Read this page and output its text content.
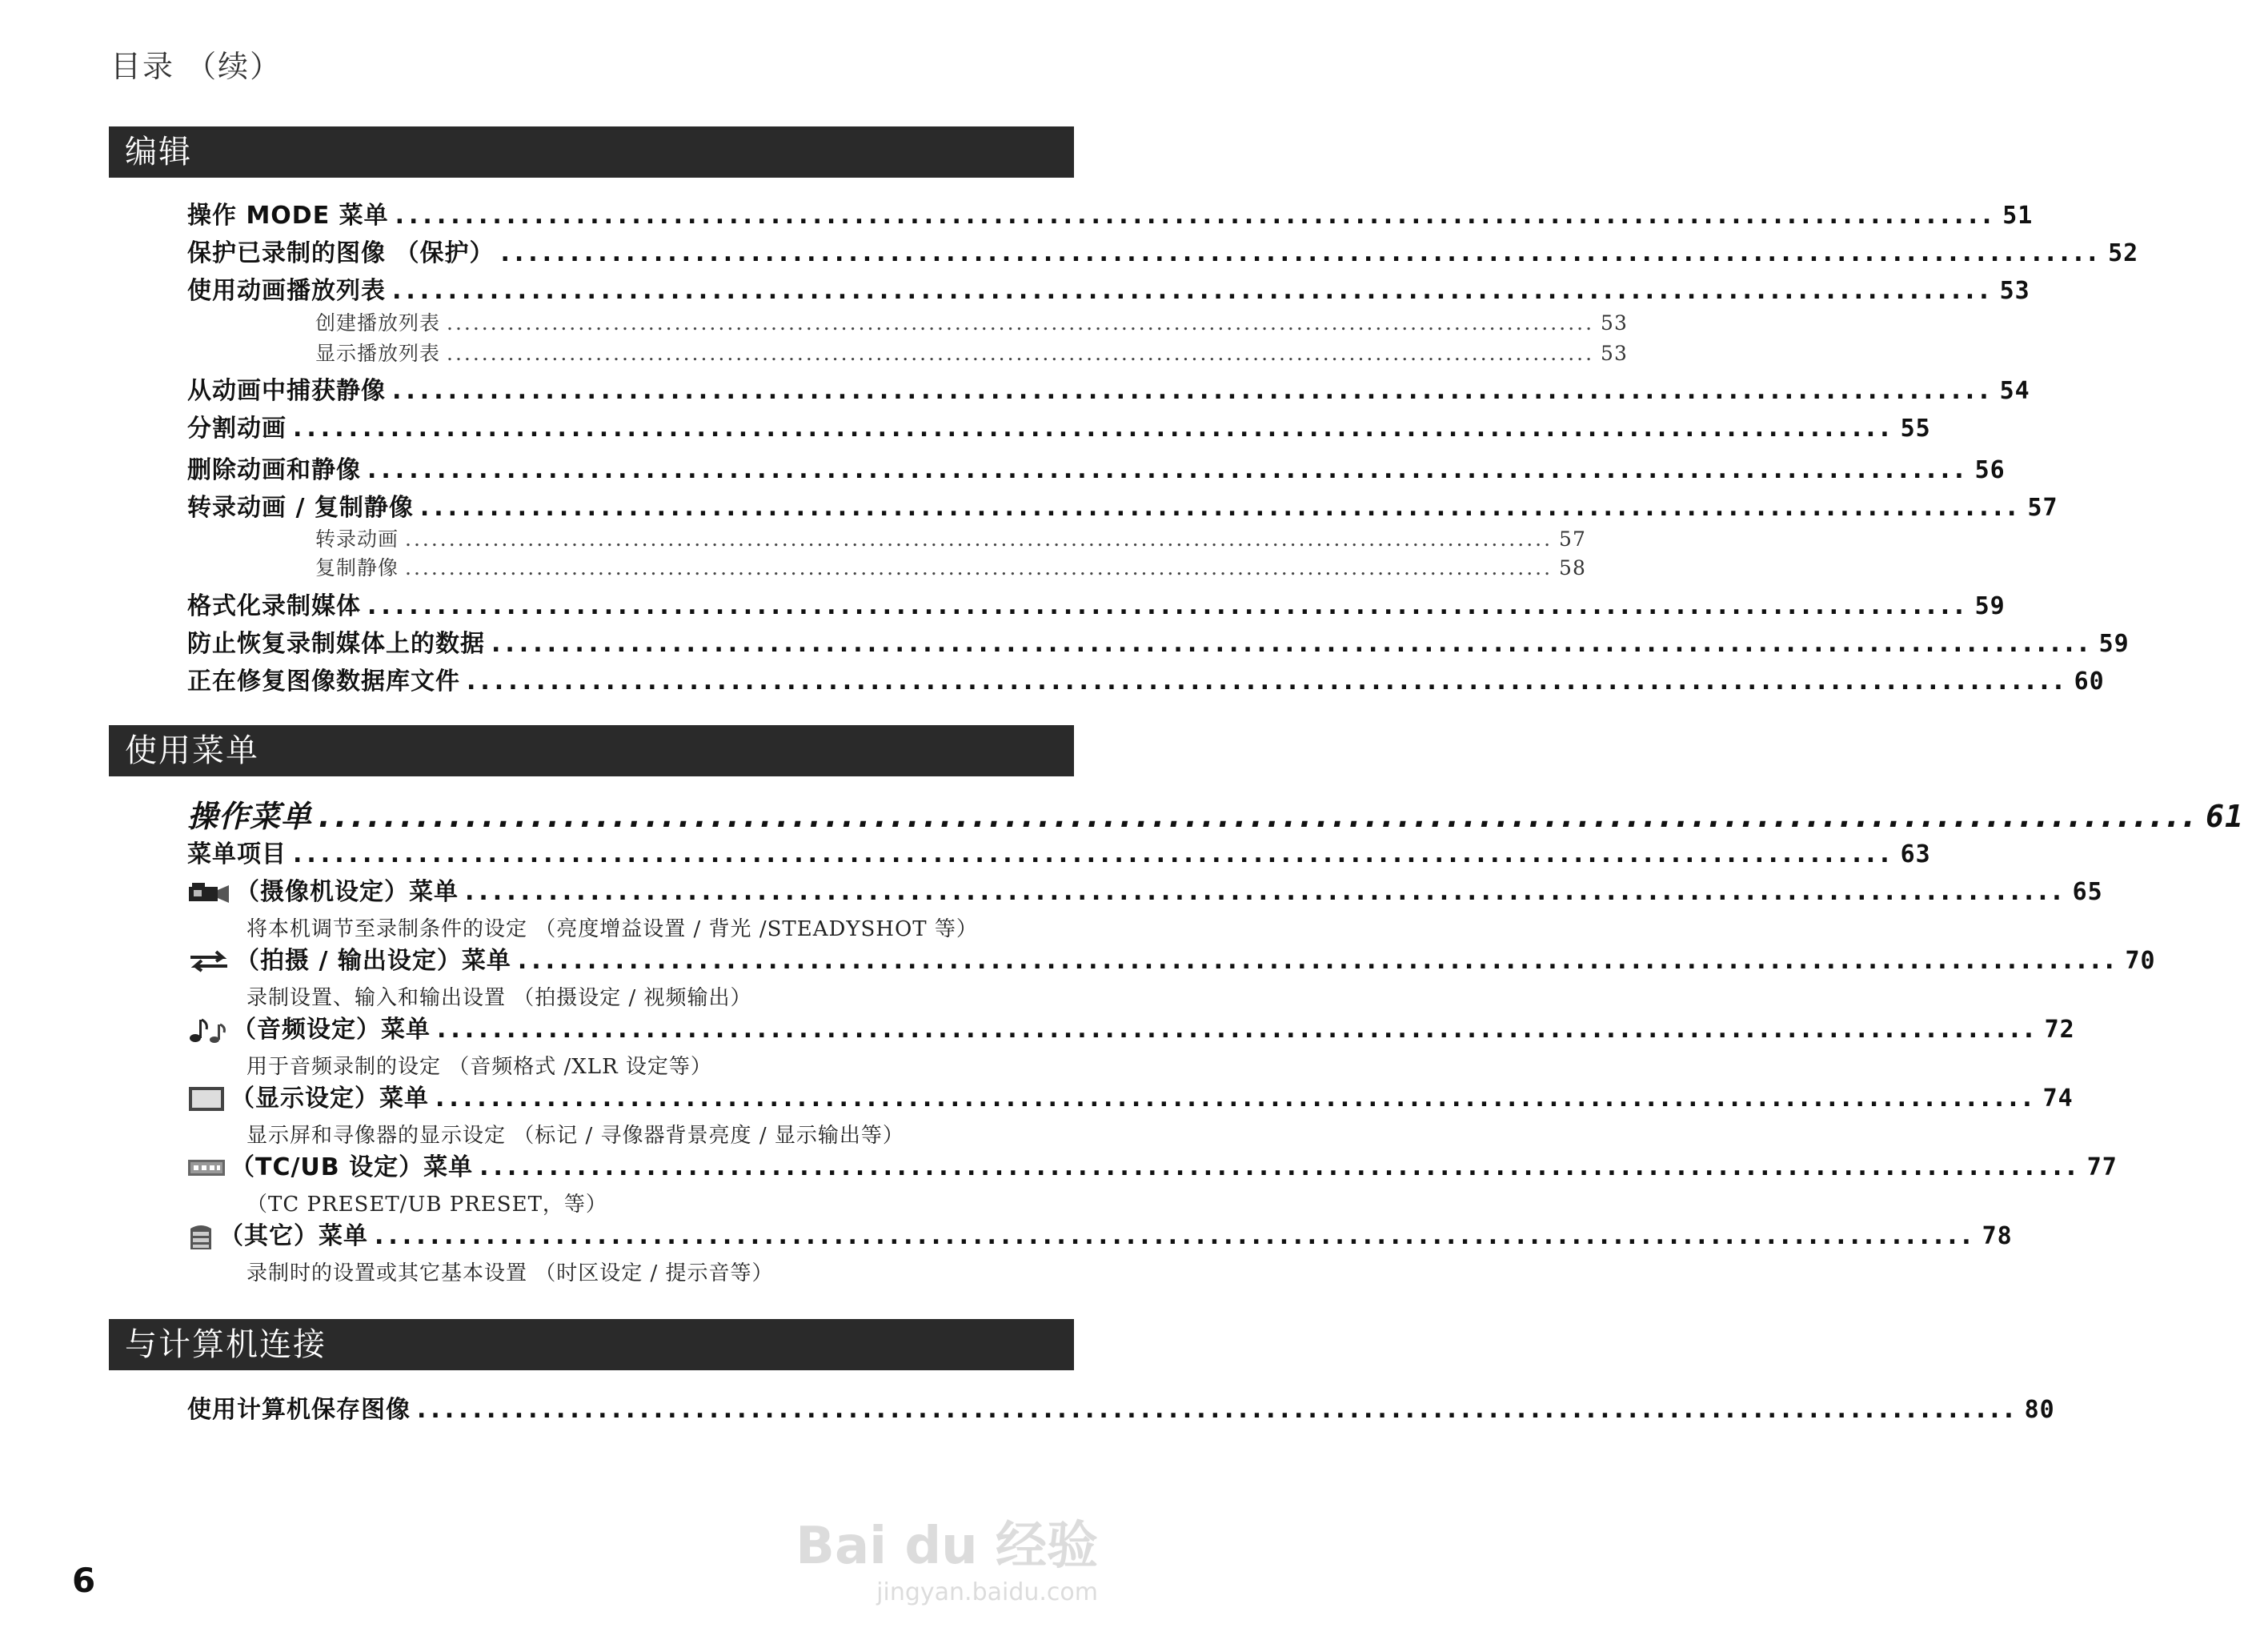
目录 （续）
编辑
操作 MODE 菜单 ................................................................................................................... 51
保护已录制的图像 （保护） ................................................................................................................... 52
使用动画播放列表 ................................................................................................................... 53
创建播放列表 ................................................................................................................................... 53
显示播放列表 ................................................................................................................................... 53
从动画中捕获静像 ................................................................................................................... 54
分割动画 ................................................................................................................... 55
删除动画和静像 ................................................................................................................... 56
转录动画 / 复制静像 ................................................................................................................... 57
转录动画 ................................................................................................................................... 57
复制静像 ................................................................................................................................... 58
格式化录制媒体 ................................................................................................................... 59
防止恢复录制媒体上的数据 ................................................................................................................... 59
正在修复图像数据库文件 ................................................................................................................... 60
使用菜单
操作菜单 ................................................................................................................... 61
菜单项目 ................................................................................................................... 63
（摄像机设定）菜单 ................................................................................................................... 65
将本机调节至录制条件的设定 （亮度增益设置 / 背光 /STEADYSHOT 等）
（拍摄 / 输出设定）菜单 ................................................................................................................... 70
录制设置、输入和输出设置 （拍摄设定 / 视频输出）
（音频设定）菜单 ................................................................................................................... 72
用于音频录制的设定 （音频格式 /XLR 设定等）
（显示设定）菜单 ................................................................................................................... 74
显示屏和寻像器的显示设定 （标记 / 寻像器背景亮度 / 显示输出等）
（TC/UB 设定）菜单 ................................................................................................................... 77
（TC PRESET/UB PRESET，等）
（其它）菜单 ................................................................................................................... 78
录制时的设置或其它基本设置 （时区设定 / 提示音等）
与计算机连接
使用计算机保存图像 ................................................................................................................... 80
Bai du 经验
jingyan.baidu.com
6
